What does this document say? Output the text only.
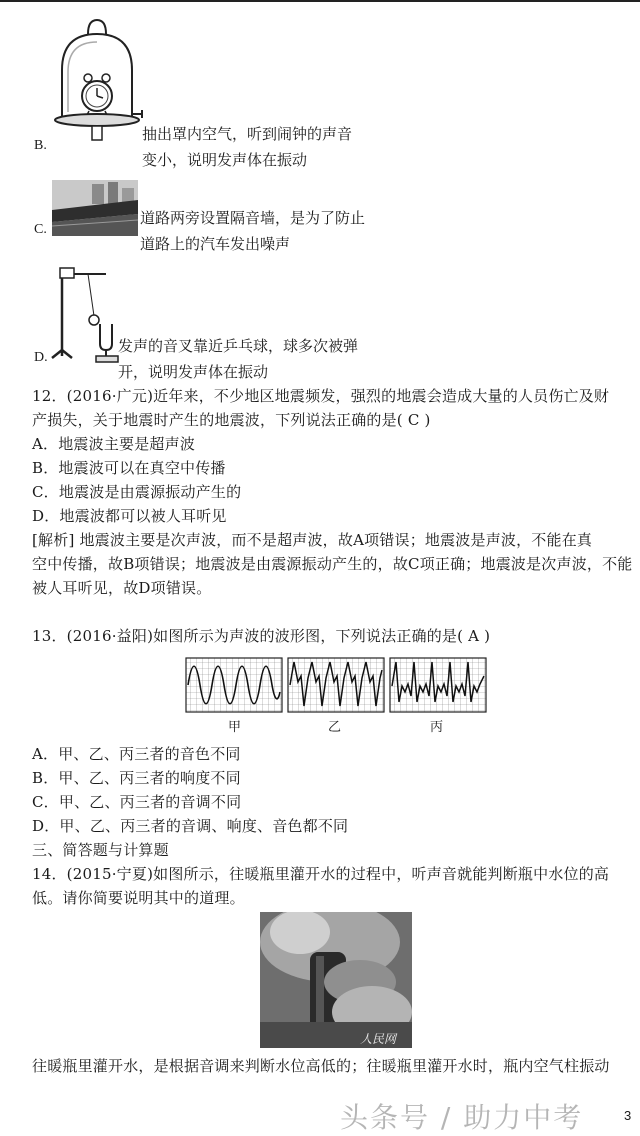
B.
抽出罩内空气，听到闹钟的声音
变小，说明发声体在振动
C.
道路两旁设置隔音墙，是为了防止
道路上的汽车发出噪声
D.
发声的音叉靠近乒乓球，球多次被弹
开，说明发声体在振动
12．(2016·广元)近年来，不少地区地震频发，强烈的地震会造成大量的人员伤亡及财
产损失，关于地震时产生的地震波，下列说法正确的是( C )
A．地震波主要是超声波
B．地震波可以在真空中传播
C．地震波是由震源振动产生的
D．地震波都可以被人耳听见
[解析] 地震波主要是次声波，而不是超声波，故A项错误；地震波是声波，不能在真
空中传播，故B项错误；地震波是由震源振动产生的，故C项正确；地震波是次声波，不能
被人耳听见，故D项错误。
13．(2016·益阳)如图所示为声波的波形图，下列说法正确的是( A )
甲	乙	丙
A．甲、乙、丙三者的音色不同
B．甲、乙、丙三者的响度不同
C．甲、乙、丙三者的音调不同
D．甲、乙、丙三者的音调、响度、音色都不同
三、简答题与计算题
14．(2015·宁夏)如图所示，往暖瓶里灌开水的过程中，听声音就能判断瓶中水位的高
低。请你简要说明其中的道理。
人民网
往暖瓶里灌开水，是根据音调来判断水位高低的；往暖瓶里灌开水时，瓶内空气柱振动
头条号 / 助力中考	3
